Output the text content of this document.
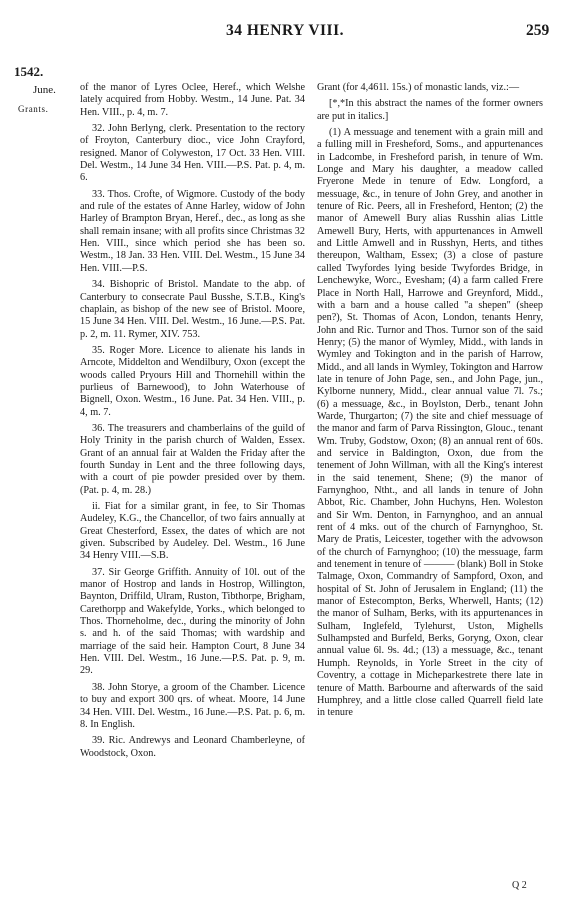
34 HENRY VIII.	259
1542.
June.
Grants.

of the manor of Lyres Oclee, Heref., which Welshe lately acquired from Hobby. Westm., 14 June. Pat. 34 Hen. VIII., p. 4, m. 7.

32. John Berlyng, clerk. Presentation to the rectory of Froyton, Canterbury dioc., vice John Crayford, resigned. Manor of Colyweston, 17 Oct. 33 Hen. VIII. Del. Westm., 14 June 34 Hen. VIII.—P.S. Pat. p. 4, m. 6.

33. Thos. Crofte, of Wigmore. Custody of the body and rule of the estates of Anne Harley, widow of John Harley of Brampton Bryan, Heref., dec., as long as she shall remain insane; with all profits since Christmas 32 Hen. VIII., since which period she has been so. Westm., 18 Jan. 33 Hen. VIII. Del. Westm., 15 June 34 Hen. VIII.—P.S.

34. Bishopric of Bristol. Mandate to the abp. of Canterbury to consecrate Paul Busshe, S.T.B., King's chaplain, as bishop of the new see of Bristol. Moore, 15 June 34 Hen. VIII. Del. Westm., 16 June.—P.S. Pat. p. 2, m. 11. Rymer, XIV. 753.

35. Roger More. Licence to alienate his lands in Arncote, Middelton and Wendilbury, Oxon (except the woods called Pryours Hill and Thornehill within the purlieus of Barnewood), to John Waterhouse of Bignell, Oxon. Westm., 16 June. Pat. 34 Hen. VIII., p. 4, m. 7.

36. The treasurers and chamberlains of the guild of Holy Trinity in the parish church of Walden, Essex. Grant of an annual fair at Walden the Friday after the fourth Sunday in Lent and the three following days, with a court of pie powder presided over by them. (Pat. p. 4, m. 28.)

ii. Fiat for a similar grant, in fee, to Sir Thomas Audeley, K.G., the Chancellor, of two fairs annually at Great Chesterford, Essex, the dates of which are not given. Subscribed by Audeley. Del. Westm., 16 June 34 Henry VIII.—S.B.

37. Sir George Griffith. Annuity of 10l. out of the manor of Hostrop and lands in Hostrop, Willington, Baynton, Driffild, Ulram, Ruston, Tibthorpe, Brigham, Carethorpp and Wakefylde, Yorks., which belonged to Thos. Thorneholme, dec., during the minority of John s. and h. of the said Thomas; with wardship and marriage of the said heir. Hampton Court, 8 June 34 Hen. VIII. Del. Westm., 16 June.—P.S. Pat. p. 9, m. 29.

38. John Storye, a groom of the Chamber. Licence to buy and export 300 qrs. of wheat. Moore, 14 June 34 Hen. VIII. Del. Westm., 16 June.—P.S. Pat. p. 6, m. 8. In English.

39. Ric. Andrewys and Leonard Chamberleyne, of Woodstock, Oxon.

Grant (for 4,461l. 15s.) of monastic lands, viz.:—

[*,*In this abstract the names of the former owners are put in italics.]

(1) A messuage and tenement with a grain mill and a fulling mill in Fresheford, Soms., and appurtenances in Ladcombe, in Fresheford parish, in tenure of Wm. Longe and Mary his daughter, a meadow called Fryerone Mede in tenure of Edw. Longford, a messuage, &c., in tenure of John Grey, and another in tenure of Ric. Peers, all in Fresheford, Henton; (2) the manor of Amewell Bury alias Russhin alias Little Amewell Bury, Herts, with appurtenances in Amwell and Little Amwell and in Russhyn, Herts, and tithes thereupon, Waltham, Essex; (3) a close of pasture called Twyfordes lying beside Twyfordes Bridge, in Lenchewyke, Worc., Evesham; (4) a farm called Frere Place in North Hall, Harrowe and Greynford, Midd., with a barn and a house called "a shepen" (sheep pen?), St. Thomas of Acon, London, tenants Henry, John and Ric. Turnor and Thos. Turnor son of the said Henry; (5) the manor of Wymley, Midd., with lands in Wymley and Tokington and in the parish of Harrow, Midd., and all lands in Wymley, Tokington and Harrow late in tenure of John Page, sen., and John Page, jun., Kylborne nunnery, Midd., clear annual value 7l. 7s.; (6) a messuage, &c., in Boylston, Derb., tenant John Warde, Thurgarton; (7) the site and chief messuage of the manor and farm of Parva Rissington, Glouc., tenant Wm. Truby, Godstow, Oxon; (8) an annual rent of 60s. and service in Baldington, Oxon, due from the tenement of John Willman, with all the King's interest in the said tenement, Shene; (9) the manor of Farnynghoo, Ntht., and all lands in tenure of John Abbot, Ric. Chamber, John Huchyns, Hen. Woleston and Sir Wm. Denton, in Farnynghoo, and an annual rent of 4 mks. out of the church of Farnynghoo, St. Mary de Pratis, Leicester, together with the advowson of the church of Farnynghoo; (10) the messuage, farm and tenement in tenure of ——— (blank) Boll in Stoke Talmage, Oxon, Commandry of Sampford, Oxon, and hospital of St. John of Jerusalem in England; (11) the manor of Estecompton, Berks, Wherwell, Hants; (12) the manor of Sulham, Berks, with its appurtenances in Sulham, Inglefeld, Tylehurst, Uston, Mighells Sulhampsted and Burfeld, Berks, Goryng, Oxon, clear annual value 6l. 9s. 4d.; (13) a messuage, &c., tenant Humph. Reynolds, in Yorle Street in the city of Coventry, a cottage in Micheparkestrete there late in tenure of Matth. Barbourne and afterwards of the said Humphrey, and a little close called Quarrell field late in tenure

Q 2
